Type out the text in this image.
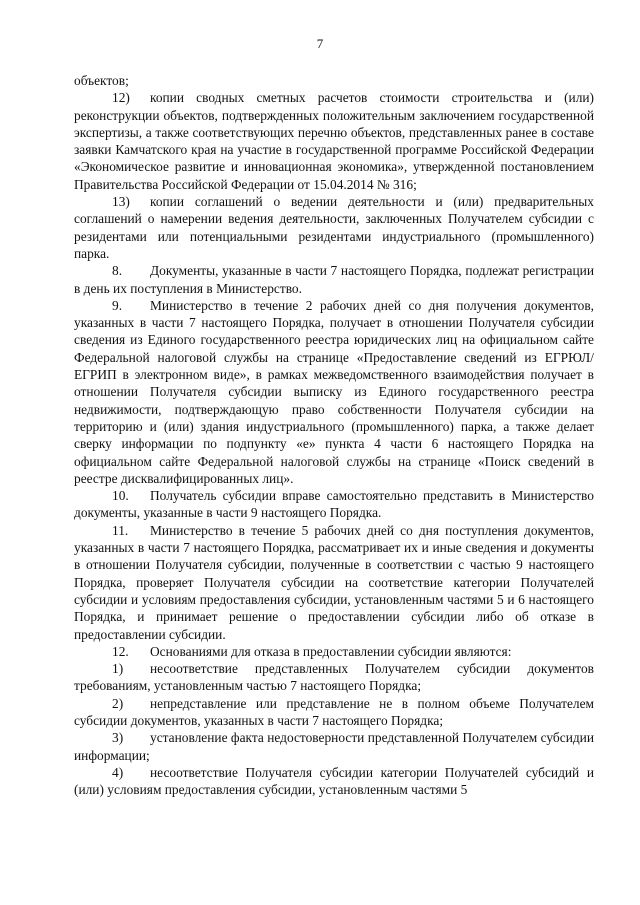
7

объектов;

12) копии сводных сметных расчетов стоимости строительства и (или) реконструкции объектов, подтвержденных положительным заключением государственной экспертизы, а также соответствующих перечню объектов, представленных ранее в составе заявки Камчатского края на участие в государственной программе Российской Федерации «Экономическое развитие и инновационная экономика», утвержденной постановлением Правительства Российской Федерации от 15.04.2014 № 316;

13) копии соглашений о ведении деятельности и (или) предварительных соглашений о намерении ведения деятельности, заключенных Получателем субсидии с резидентами или потенциальными резидентами индустриального (промышленного) парка.

8. Документы, указанные в части 7 настоящего Порядка, подлежат регистрации в день их поступления в Министерство.

9. Министерство в течение 2 рабочих дней со дня получения документов, указанных в части 7 настоящего Порядка, получает в отношении Получателя субсидии сведения из Единого государственного реестра юридических лиц на официальном сайте Федеральной налоговой службы на странице «Предоставление сведений из ЕГРЮЛ/ЕГРИП в электронном виде», в рамках межведомственного взаимодействия получает в отношении Получателя субсидии выписку из Единого государственного реестра недвижимости, подтверждающую право собственности Получателя субсидии на территорию и (или) здания индустриального (промышленного) парка, а также делает сверку информации по подпункту «е» пункта 4 части 6 настоящего Порядка на официальном сайте Федеральной налоговой службы на странице «Поиск сведений в реестре дисквалифицированных лиц».

10. Получатель субсидии вправе самостоятельно представить в Министерство документы, указанные в части 9 настоящего Порядка.

11. Министерство в течение 5 рабочих дней со дня поступления документов, указанных в части 7 настоящего Порядка, рассматривает их и иные сведения и документы в отношении Получателя субсидии, полученные в соответствии с частью 9 настоящего Порядка, проверяет Получателя субсидии на соответствие категории Получателей субсидии и условиям предоставления субсидии, установленным частями 5 и 6 настоящего Порядка, и принимает решение о предоставлении субсидии либо об отказе в предоставлении субсидии.

12. Основаниями для отказа в предоставлении субсидии являются:

1) несоответствие представленных Получателем субсидии документов требованиям, установленным частью 7 настоящего Порядка;

2) непредставление или представление не в полном объеме Получателем субсидии документов, указанных в части 7 настоящего Порядка;

3) установление факта недостоверности представленной Получателем субсидии информации;

4) несоответствие Получателя субсидии категории Получателей субсидий и (или) условиям предоставления субсидии, установленным частями 5
